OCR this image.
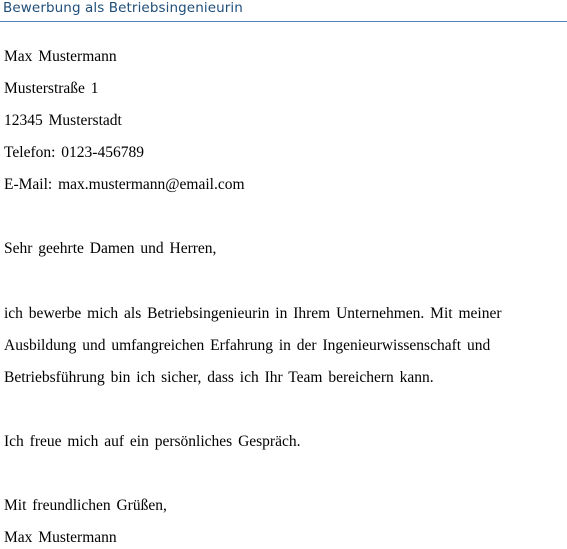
Bewerbung als Betriebsingenieurin
Max Mustermann
Musterstraße 1
12345 Musterstadt
Telefon: 0123-456789
E-Mail: max.mustermann@email.com
Sehr geehrte Damen und Herren,
ich bewerbe mich als Betriebsingenieurin in Ihrem Unternehmen. Mit meiner
Ausbildung und umfangreichen Erfahrung in der Ingenieurwissenschaft und
Betriebsführung bin ich sicher, dass ich Ihr Team bereichern kann.
Ich freue mich auf ein persönliches Gespräch.
Mit freundlichen Grüßen,
Max Mustermann
